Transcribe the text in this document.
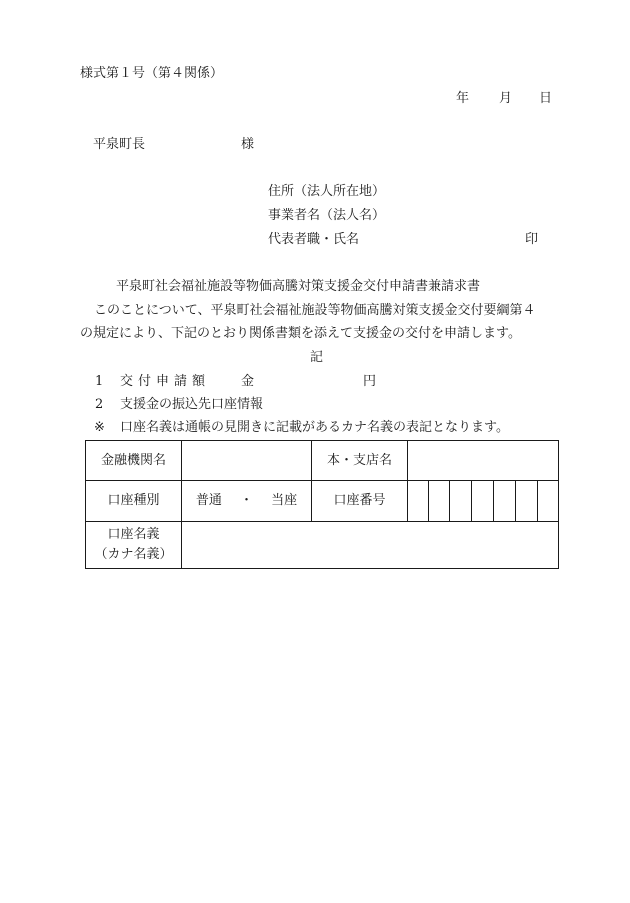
様式第１号（第４関係）
年 月 日
平泉町長	様
住所（法人所在地）
事業者名（法人名）
代表者職・氏名	印
平泉町社会福祉施設等物価高騰対策支援金交付申請書兼請求書
このことについて、平泉町社会福祉施設等物価高騰対策支援金交付要綱第４
の規定により、下記のとおり関係書類を添えて支援金の交付を申請します。
記
1 交付申請額 金	円
2 支援金の振込先口座情報
※ 口座名義は通帳の見開きに記載があるカナ名義の表記となります。
金融機関名		本・支店名							
口座種別	普通 ・ 当座	口座番号							

口座名義
（カナ名義）									
